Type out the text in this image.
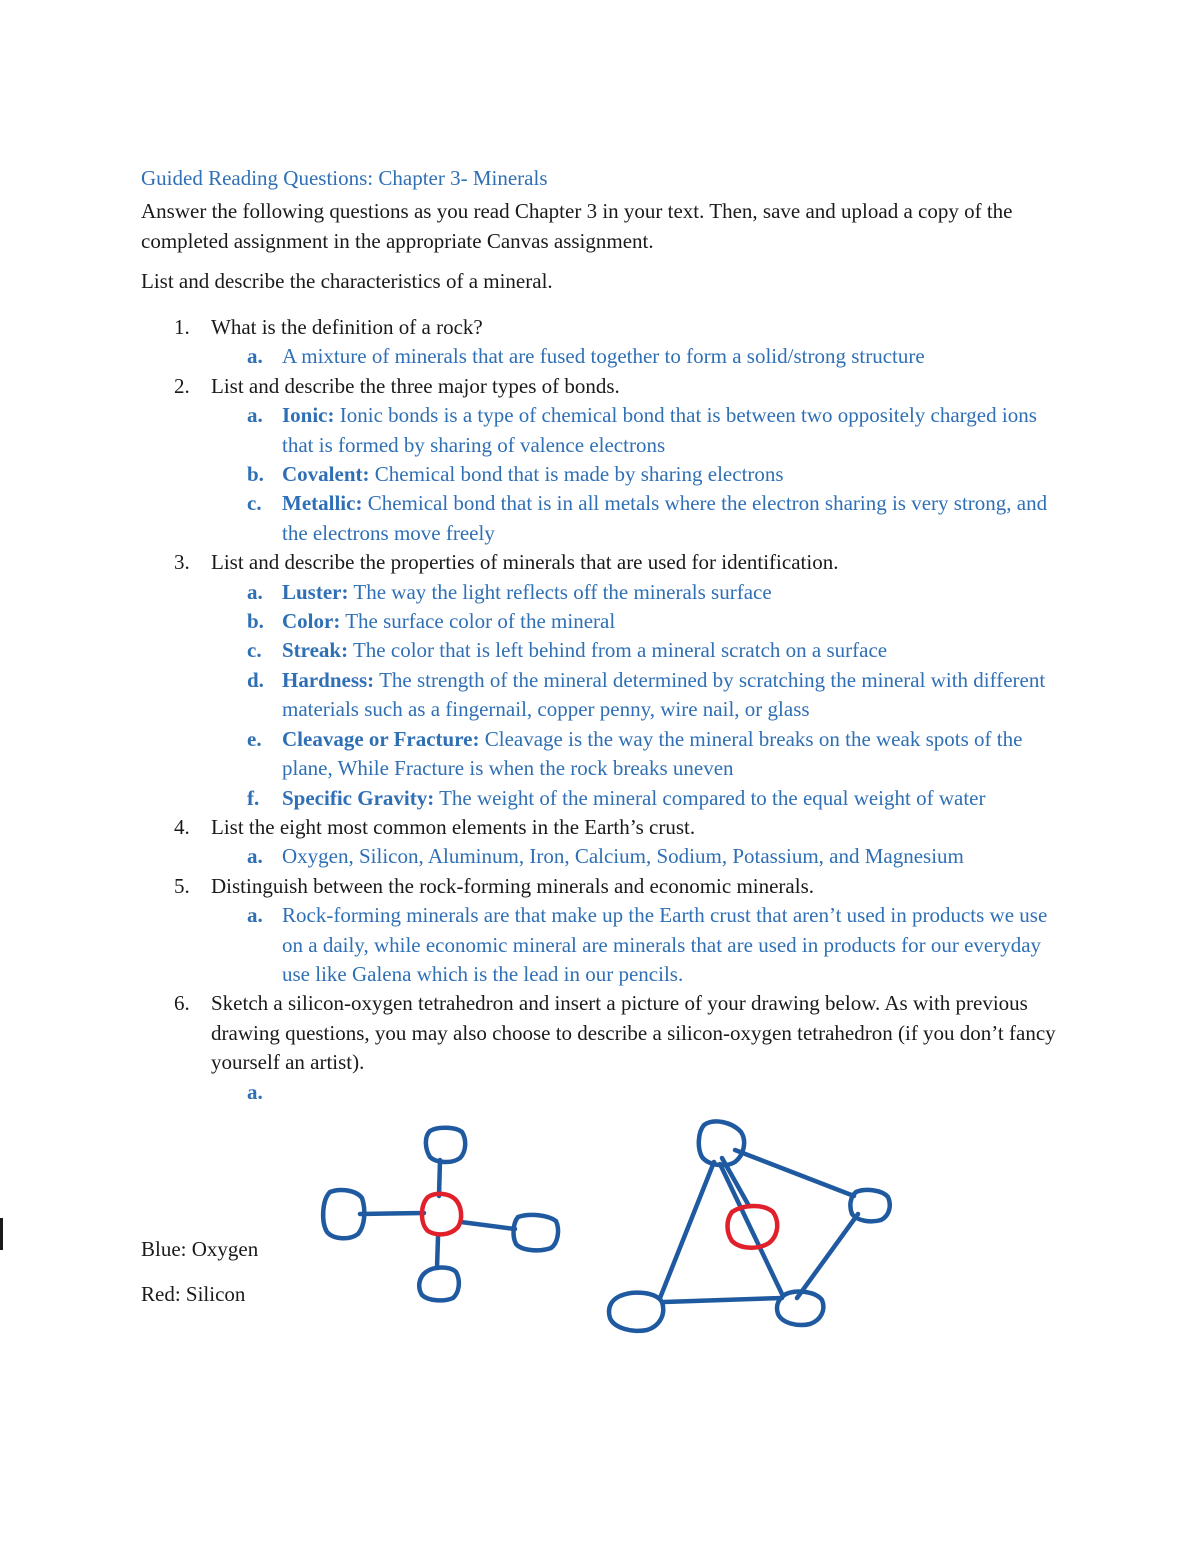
Guided Reading Questions: Chapter 3- Minerals
Answer the following questions as you read Chapter 3 in your text. Then, save and upload a copy of the completed assignment in the appropriate Canvas assignment.
List and describe the characteristics of a mineral.
1. What is the definition of a rock?
a. A mixture of minerals that are fused together to form a solid/strong structure
2. List and describe the three major types of bonds.
a. Ionic: Ionic bonds is a type of chemical bond that is between two oppositely charged ions that is formed by sharing of valence electrons
b. Covalent: Chemical bond that is made by sharing electrons
c. Metallic: Chemical bond that is in all metals where the electron sharing is very strong, and the electrons move freely
3. List and describe the properties of minerals that are used for identification.
a. Luster: The way the light reflects off the minerals surface
b. Color: The surface color of the mineral
c. Streak: The color that is left behind from a mineral scratch on a surface
d. Hardness: The strength of the mineral determined by scratching the mineral with different materials such as a fingernail, copper penny, wire nail, or glass
e. Cleavage or Fracture: Cleavage is the way the mineral breaks on the weak spots of the plane, While Fracture is when the rock breaks uneven
f. Specific Gravity: The weight of the mineral compared to the equal weight of water
4. List the eight most common elements in the Earth’s crust.
a. Oxygen, Silicon, Aluminum, Iron, Calcium, Sodium, Potassium, and Magnesium
5. Distinguish between the rock-forming minerals and economic minerals.
a. Rock-forming minerals are that make up the Earth crust that aren’t used in products we use on a daily, while economic mineral are minerals that are used in products for our everyday use like Galena which is the lead in our pencils.
6. Sketch a silicon-oxygen tetrahedron and insert a picture of your drawing below. As with previous drawing questions, you may also choose to describe a silicon-oxygen tetrahedron (if you don’t fancy yourself an artist).
a.

Blue: Oxygen
Red: Silicon
